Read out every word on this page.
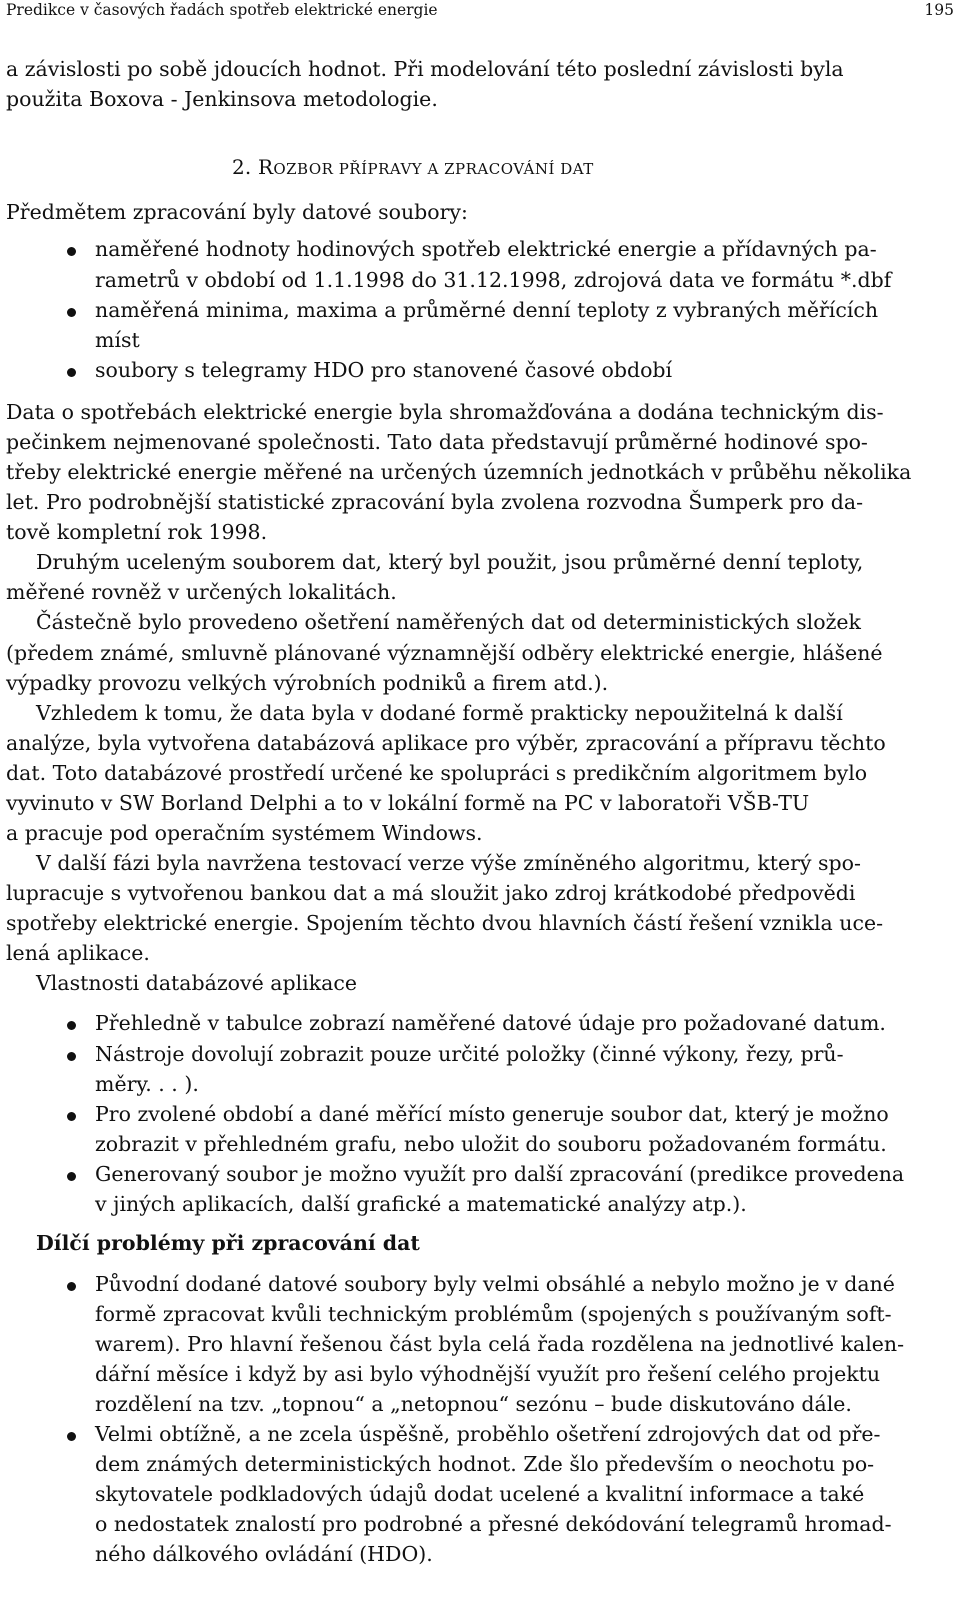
Predikce v časových řadách spotřeb elektrické energie	195
a závislosti po sobě jdoucích hodnot. Při modelování této poslední závislosti byla
použita Boxova - Jenkinsova metodologie.
2. ROZBOR PŘÍPRAVY A ZPRACOVÁNÍ DAT
Předmětem zpracování byly datové soubory:
naměřené hodnoty hodinových spotřeb elektrické energie a přídavných pa-
rametrů v období od 1.1.1998 do 31.12.1998, zdrojová data ve formátu *.dbf
naměřená minima, maxima a průměrné denní teploty z vybraných měřících
míst
soubory s telegramy HDO pro stanovené časové období
Data o spotřebách elektrické energie byla shromažďována a dodána technickým dis-
pečinkem nejmenované společnosti. Tato data představují průměrné hodinové spo-
třeby elektrické energie měřené na určených územních jednotkách v průběhu několika
let. Pro podrobnější statistické zpracování byla zvolena rozvodna Šumperk pro da-
tově kompletní rok 1998.
Druhým uceleným souborem dat, který byl použit, jsou průměrné denní teploty,
měřené rovněž v určených lokalitách.
Částečně bylo provedeno ošetření naměřených dat od deterministických složek
(předem známé, smluvně plánované významnější odběry elektrické energie, hlášené
výpadky provozu velkých výrobních podniků a firem atd.).
Vzhledem k tomu, že data byla v dodané formě prakticky nepoužitelná k další
analýze, byla vytvořena databázová aplikace pro výběr, zpracování a přípravu těchto
dat. Toto databázové prostředí určené ke spolupráci s predikčním algoritmem bylo
vyvinuto v SW Borland Delphi a to v lokální formě na PC v laboratoři VŠB-TU
a pracuje pod operačním systémem Windows.
V další fázi byla navržena testovací verze výše zmíněného algoritmu, který spo-
lupracuje s vytvořenou bankou dat a má sloužit jako zdroj krátkodobé předpovědi
spotřeby elektrické energie. Spojením těchto dvou hlavních částí řešení vznikla uce-
lená aplikace.
Vlastnosti databázové aplikace
Přehledně v tabulce zobrazí naměřené datové údaje pro požadované datum.
Nástroje dovolují zobrazit pouze určité položky (činné výkony, řezy, prů-
měry. . . ).
Pro zvolené období a dané měřící místo generuje soubor dat, který je možno
zobrazit v přehledném grafu, nebo uložit do souboru požadovaném formátu.
Generovaný soubor je možno využít pro další zpracování (predikce provedena
v jiných aplikacích, další grafické a matematické analýzy atp.).
Dílčí problémy při zpracování dat
Původní dodané datové soubory byly velmi obsáhlé a nebylo možno je v dané
formě zpracovat kvůli technickým problémům (spojených s používaným soft-
warem). Pro hlavní řešenou část byla celá řada rozdělena na jednotlivé kalen-
dářní měsíce i když by asi bylo výhodnější využít pro řešení celého projektu
rozdělení na tzv. „topnou“ a „netopnou“ sezónu – bude diskutováno dále.
Velmi obtížně, a ne zcela úspěšně, proběhlo ošetření zdrojových dat od pře-
dem známých deterministických hodnot. Zde šlo především o neochotu po-
skytovatele podkladových údajů dodat ucelené a kvalitní informace a také
o nedostatek znalostí pro podrobné a přesné dekódování telegramů hromad-
ného dálkového ovládání (HDO).
